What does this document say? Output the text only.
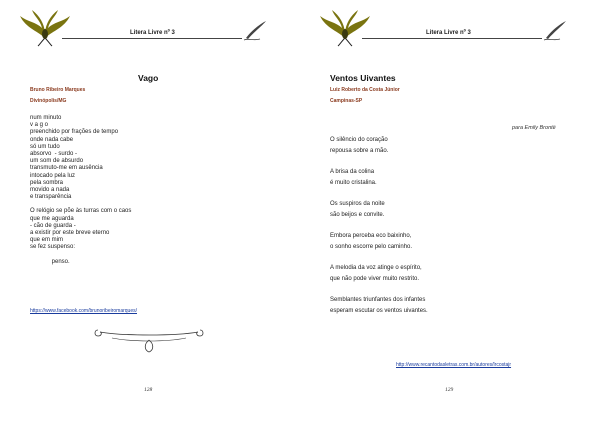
Litera Livre nº 3
Vago
Bruno Ribeiro Marques
Divinópolis/MG
num minuto
v a g o
preenchido por frações de tempo
onde nada cabe
só um tudo
absorvo  - surdo -
um som de absurdo
transmuto-me em ausência
intocado pela luz
pela sombra
movido a nada
e transparência
O relógio se põe às turras com o caos
que me aguarda
- cão de guarda -
a existir por este breve eterno
que em mim
se fez suspenso:
penso.
https://www.facebook.com/brunoribeiromarques/
128
Litera Livre nº 3
Ventos Uivantes
Luiz Roberto da Costa Júnior
Campinas-SP
para Emily Brontë
O silêncio do coração
repousa sobre a mão.
A brisa da colina
é muito cristalina.
Os suspiros da noite
são beijos e convite.
Embora perceba eco baixinho,
o sonho escorre pelo caminho.
A melodia da voz atinge o espírito,
que não pode viver muito restrito.
Semblantes triunfantes dos infantes
esperam escutar os ventos uivantes.
http://www.recantodasletras.com.br/autores/lrcostajr
129
